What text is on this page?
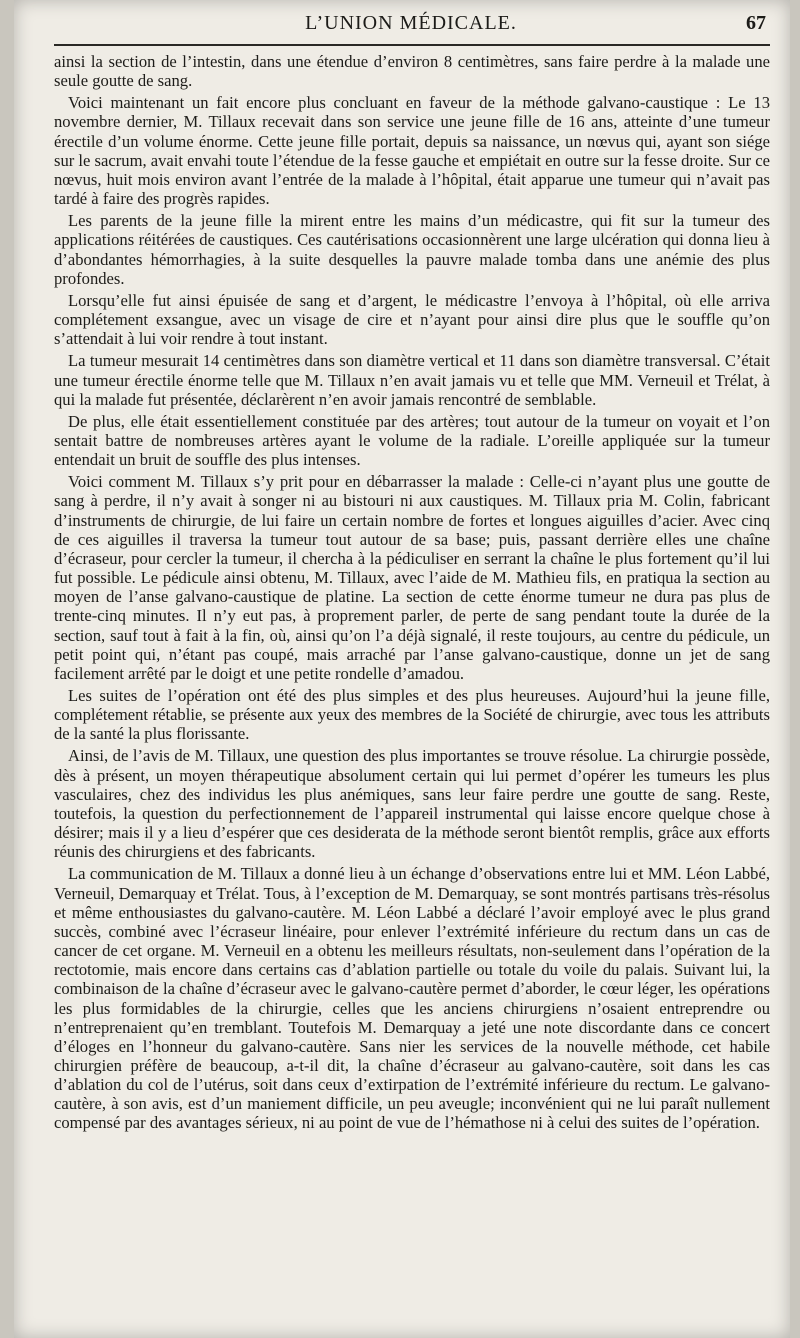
L’UNION MÉDICALE.	67

ainsi la section de l’intestin, dans une étendue d’environ 8 centimètres, sans faire perdre à la malade une seule goutte de sang.

Voici maintenant un fait encore plus concluant en faveur de la méthode galvano-caustique : Le 13 novembre dernier, M. Tillaux recevait dans son service une jeune fille de 16 ans, atteinte d’une tumeur érectile d’un volume énorme. Cette jeune fille portait, depuis sa naissance, un nœvus qui, ayant son siége sur le sacrum, avait envahi toute l’étendue de la fesse gauche et empiétait en outre sur la fesse droite. Sur ce nœvus, huit mois environ avant l’entrée de la malade à l’hôpital, était apparue une tumeur qui n’avait pas tardé à faire des progrès rapides.

Les parents de la jeune fille la mirent entre les mains d’un médicastre, qui fit sur la tumeur des applications réitérées de caustiques. Ces cautérisations occasionnèrent une large ulcération qui donna lieu à d’abondantes hémorrhagies, à la suite desquelles la pauvre malade tomba dans une anémie des plus profondes.

Lorsqu’elle fut ainsi épuisée de sang et d’argent, le médicastre l’envoya à l’hôpital, où elle arriva complétement exsangue, avec un visage de cire et n’ayant pour ainsi dire plus que le souffle qu’on s’attendait à lui voir rendre à tout instant.

La tumeur mesurait 14 centimètres dans son diamètre vertical et 11 dans son diamètre transversal. C’était une tumeur érectile énorme telle que M. Tillaux n’en avait jamais vu et telle que MM. Verneuil et Trélat, à qui la malade fut présentée, déclarèrent n’en avoir jamais rencontré de semblable.

De plus, elle était essentiellement constituée par des artères; tout autour de la tumeur on voyait et l’on sentait battre de nombreuses artères ayant le volume de la radiale. L’oreille appliquée sur la tumeur entendait un bruit de souffle des plus intenses.

Voici comment M. Tillaux s’y prit pour en débarrasser la malade : Celle-ci n’ayant plus une goutte de sang à perdre, il n’y avait à songer ni au bistouri ni aux caustiques. M. Tillaux pria M. Colin, fabricant d’instruments de chirurgie, de lui faire un certain nombre de fortes et longues aiguilles d’acier. Avec cinq de ces aiguilles il traversa la tumeur tout autour de sa base; puis, passant derrière elles une chaîne d’écraseur, pour cercler la tumeur, il chercha à la pédiculiser en serrant la chaîne le plus fortement qu’il lui fut possible. Le pédicule ainsi obtenu, M. Tillaux, avec l’aide de M. Mathieu fils, en pratiqua la section au moyen de l’anse galvano-caustique de platine. La section de cette énorme tumeur ne dura pas plus de trente-cinq minutes. Il n’y eut pas, à proprement parler, de perte de sang pendant toute la durée de la section, sauf tout à fait à la fin, où, ainsi qu’on l’a déjà signalé, il reste toujours, au centre du pédicule, un petit point qui, n’étant pas coupé, mais arraché par l’anse galvano-caustique, donne un jet de sang facilement arrêté par le doigt et une petite rondelle d’amadou.

Les suites de l’opération ont été des plus simples et des plus heureuses. Aujourd’hui la jeune fille, complétement rétablie, se présente aux yeux des membres de la Société de chirurgie, avec tous les attributs de la santé la plus florissante.

Ainsi, de l’avis de M. Tillaux, une question des plus importantes se trouve résolue. La chirurgie possède, dès à présent, un moyen thérapeutique absolument certain qui lui permet d’opérer les tumeurs les plus vasculaires, chez des individus les plus anémiques, sans leur faire perdre une goutte de sang. Reste, toutefois, la question du perfectionnement de l’appareil instrumental qui laisse encore quelque chose à désirer; mais il y a lieu d’espérer que ces desiderata de la méthode seront bientôt remplis, grâce aux efforts réunis des chirurgiens et des fabricants.

La communication de M. Tillaux a donné lieu à un échange d’observations entre lui et MM. Léon Labbé, Verneuil, Demarquay et Trélat. Tous, à l’exception de M. Demarquay, se sont montrés partisans très-résolus et même enthousiastes du galvano-cautère. M. Léon Labbé a déclaré l’avoir employé avec le plus grand succès, combiné avec l’écraseur linéaire, pour enlever l’extrémité inférieure du rectum dans un cas de cancer de cet organe. M. Verneuil en a obtenu les meilleurs résultats, non-seulement dans l’opération de la rectotomie, mais encore dans certains cas d’ablation partielle ou totale du voile du palais. Suivant lui, la combinaison de la chaîne d’écraseur avec le galvano-cautère permet d’aborder, le cœur léger, les opérations les plus formidables de la chirurgie, celles que les anciens chirurgiens n’osaient entreprendre ou n’entreprenaient qu’en tremblant. Toutefois M. Demarquay a jeté une note discordante dans ce concert d’éloges en l’honneur du galvano-cautère. Sans nier les services de la nouvelle méthode, cet habile chirurgien préfère de beaucoup, a-t-il dit, la chaîne d’écraseur au galvano-cautère, soit dans les cas d’ablation du col de l’utérus, soit dans ceux d’extirpation de l’extrémité inférieure du rectum. Le galvano-cautère, à son avis, est d’un maniement difficile, un peu aveugle; inconvénient qui ne lui paraît nullement compensé par des avantages sérieux, ni au point de vue de l’hémathose ni à celui des suites de l’opération.
